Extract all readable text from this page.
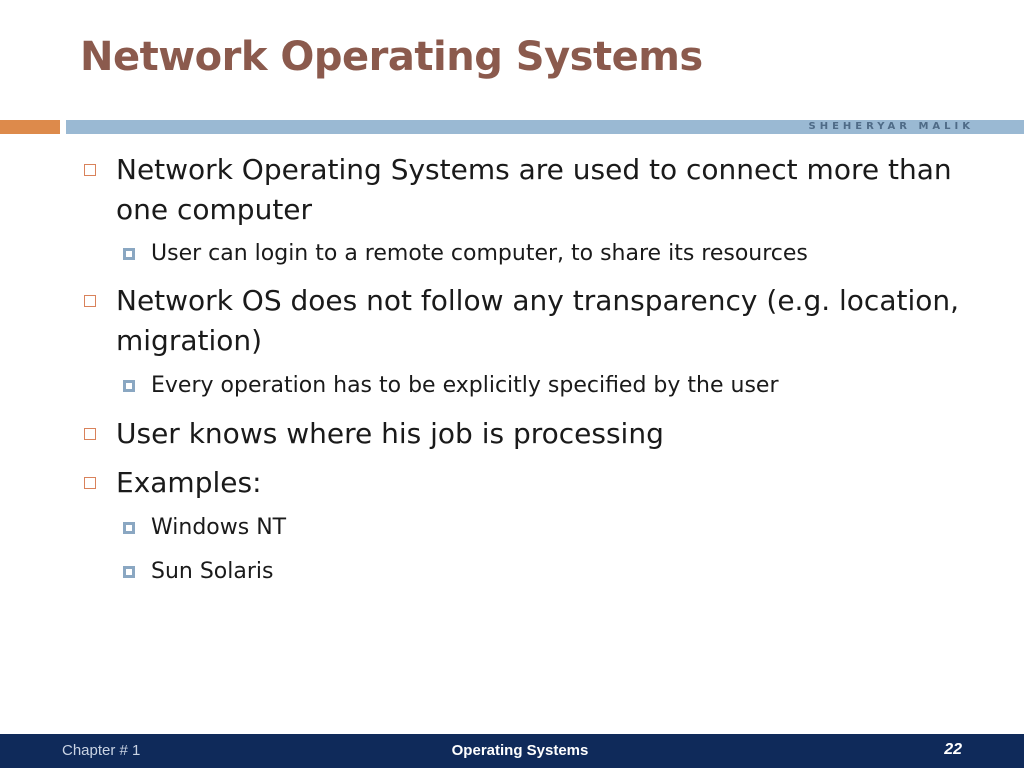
Network Operating Systems
SHEHERYAR MALIK
Network Operating Systems are used to connect more than one computer
User can login to a remote computer, to share its resources
Network OS does not follow any transparency (e.g. location, migration)
Every operation has to be explicitly specified by the user
User knows where his job is processing
Examples:
Windows NT
Sun Solaris
Chapter # 1	Operating Systems	22
